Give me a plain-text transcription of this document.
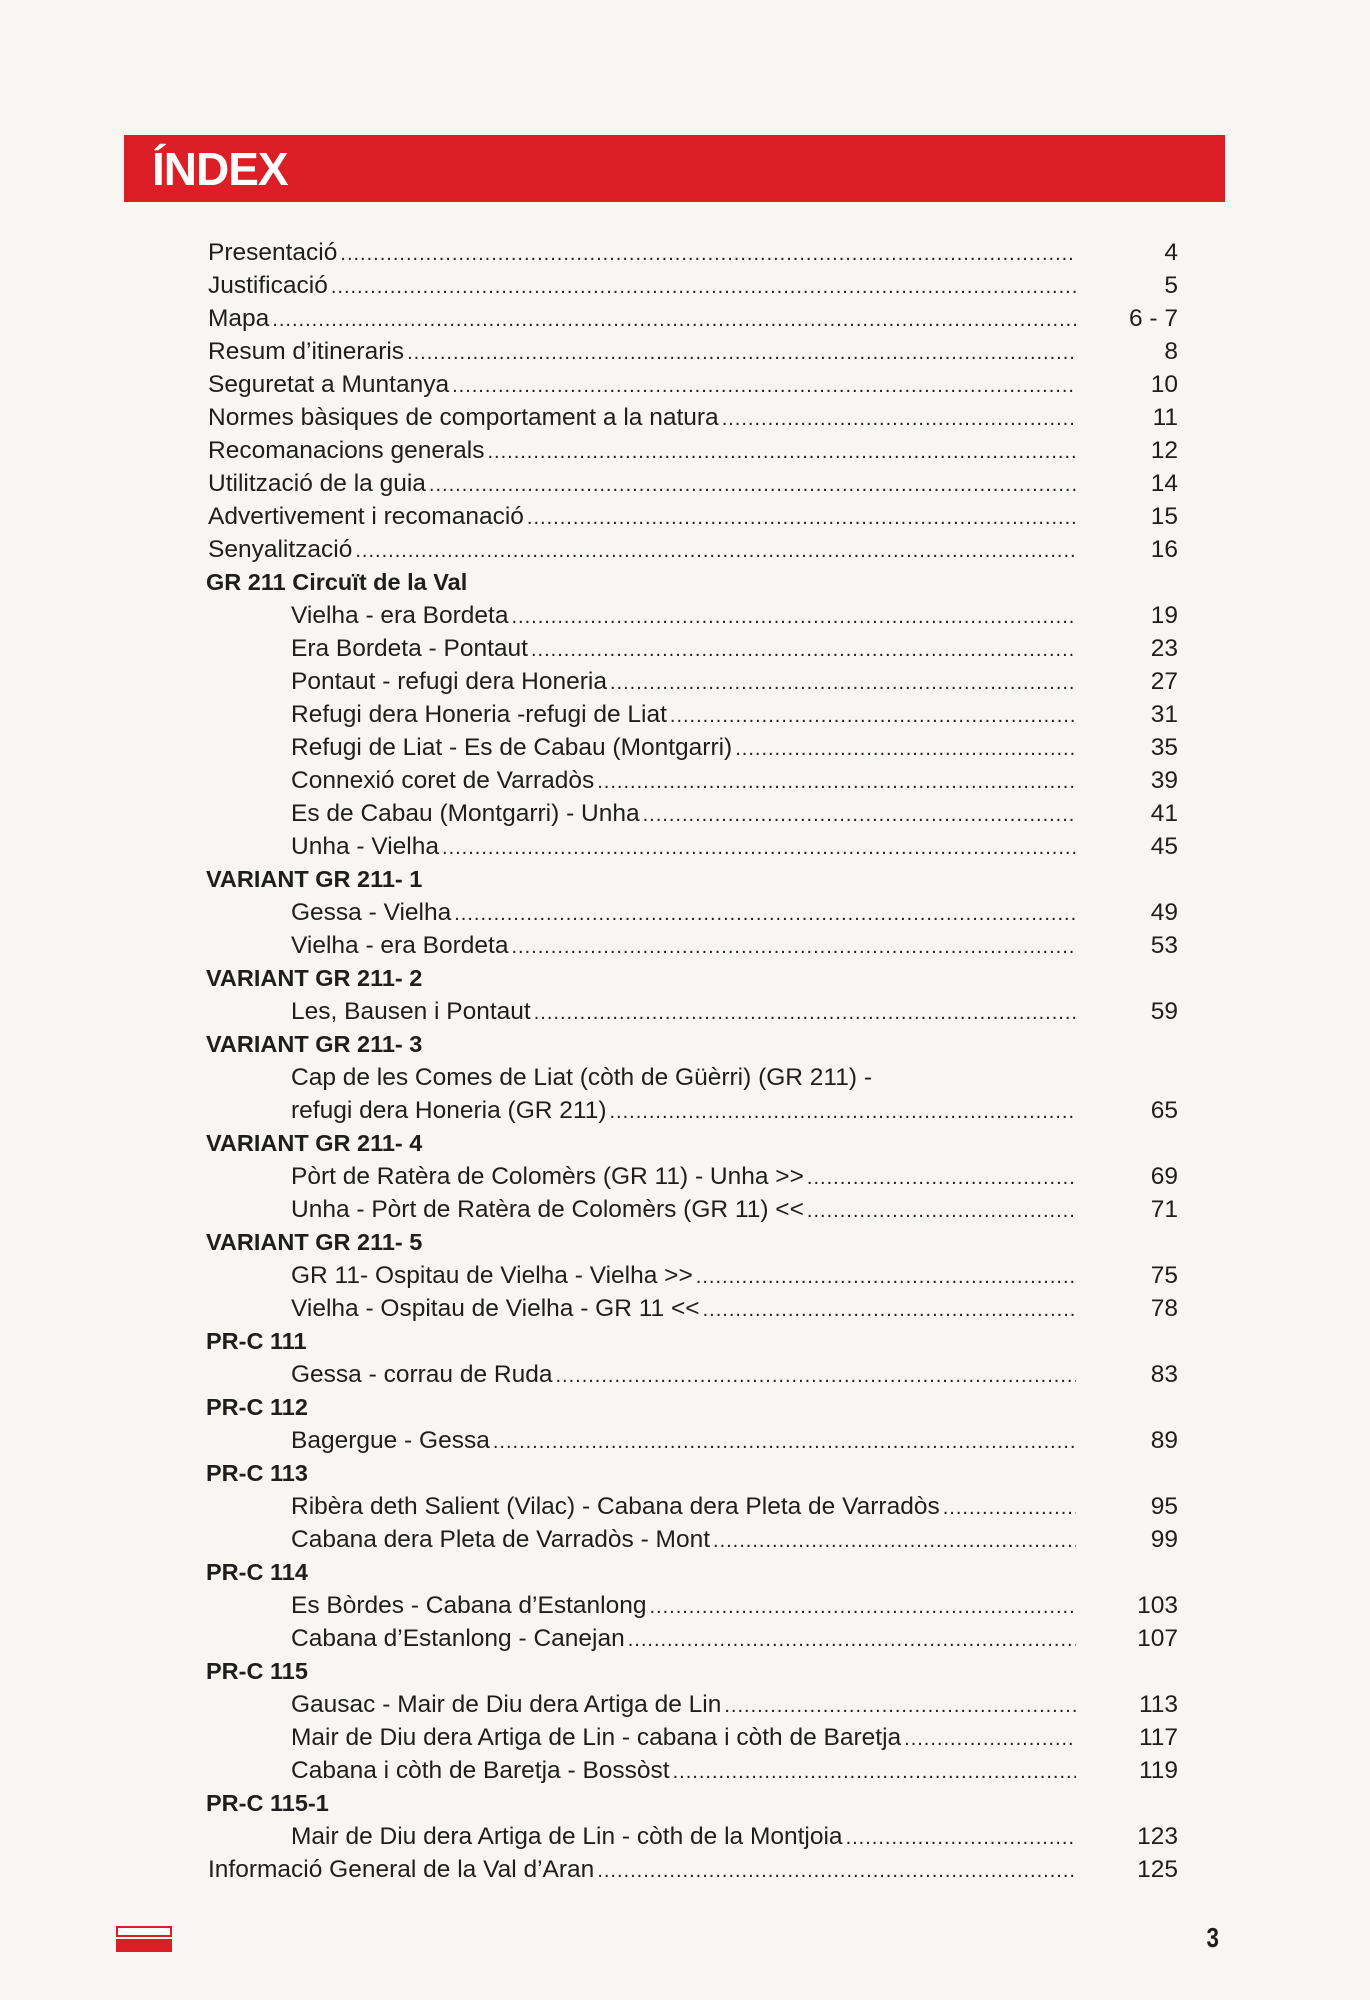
ÍNDEX
Presentació .....	4
Justificació .....	5
Mapa .....	6 - 7
Resum d’itineraris .....	8
Seguretat a Muntanya .....	10
Normes bàsiques de comportament a la natura .....	11
Recomanacions generals .....	12
Utilització de la guia .....	14
Advertivement i recomanació .....	15
Senyalització .....	16
GR 211 Circuït de la Val
Vielha - era Bordeta .....	19
Era Bordeta - Pontaut .....	23
Pontaut - refugi dera Honeria .....	27
Refugi dera Honeria -refugi de Liat .....	31
Refugi de Liat - Es de Cabau (Montgarri) .....	35
Connexió coret de Varradòs .....	39
Es de Cabau (Montgarri) - Unha .....	41
Unha - Vielha .....	45
VARIANT GR 211- 1
Gessa - Vielha .....	49
Vielha - era Bordeta .....	53
VARIANT GR 211- 2
Les, Bausen i Pontaut .....	59
VARIANT GR 211- 3
Cap de les Comes de Liat (còth de Güèrri) (GR 211) -
refugi dera Honeria (GR 211) .....	65
VARIANT GR 211- 4
Pòrt de Ratèra de Colomèrs (GR 11) - Unha >> .....	69
Unha - Pòrt de Ratèra de Colomèrs (GR 11) << .....	71
VARIANT GR 211- 5
GR 11- Ospitau de Vielha - Vielha >> .....	75
Vielha - Ospitau de Vielha - GR 11 << .....	78
PR-C 111
Gessa - corrau de Ruda .....	83
PR-C 112
Bagergue - Gessa .....	89
PR-C 113
Ribèra deth Salient (Vilac) - Cabana dera Pleta de Varradòs .....	95
Cabana dera Pleta de Varradòs - Mont .....	99
PR-C 114
Es Bòrdes - Cabana d’Estanlong .....	103
Cabana d’Estanlong - Canejan .....	107
PR-C 115
Gausac - Mair de Diu dera Artiga de Lin .....	113
Mair de Diu dera Artiga de Lin - cabana i còth de Baretja .....	117
Cabana i còth de Baretja - Bossòst .....	119
PR-C 115-1
Mair de Diu dera Artiga de Lin - còth de la Montjoia .....	123
Informació General de la Val d’Aran .....	125
3
